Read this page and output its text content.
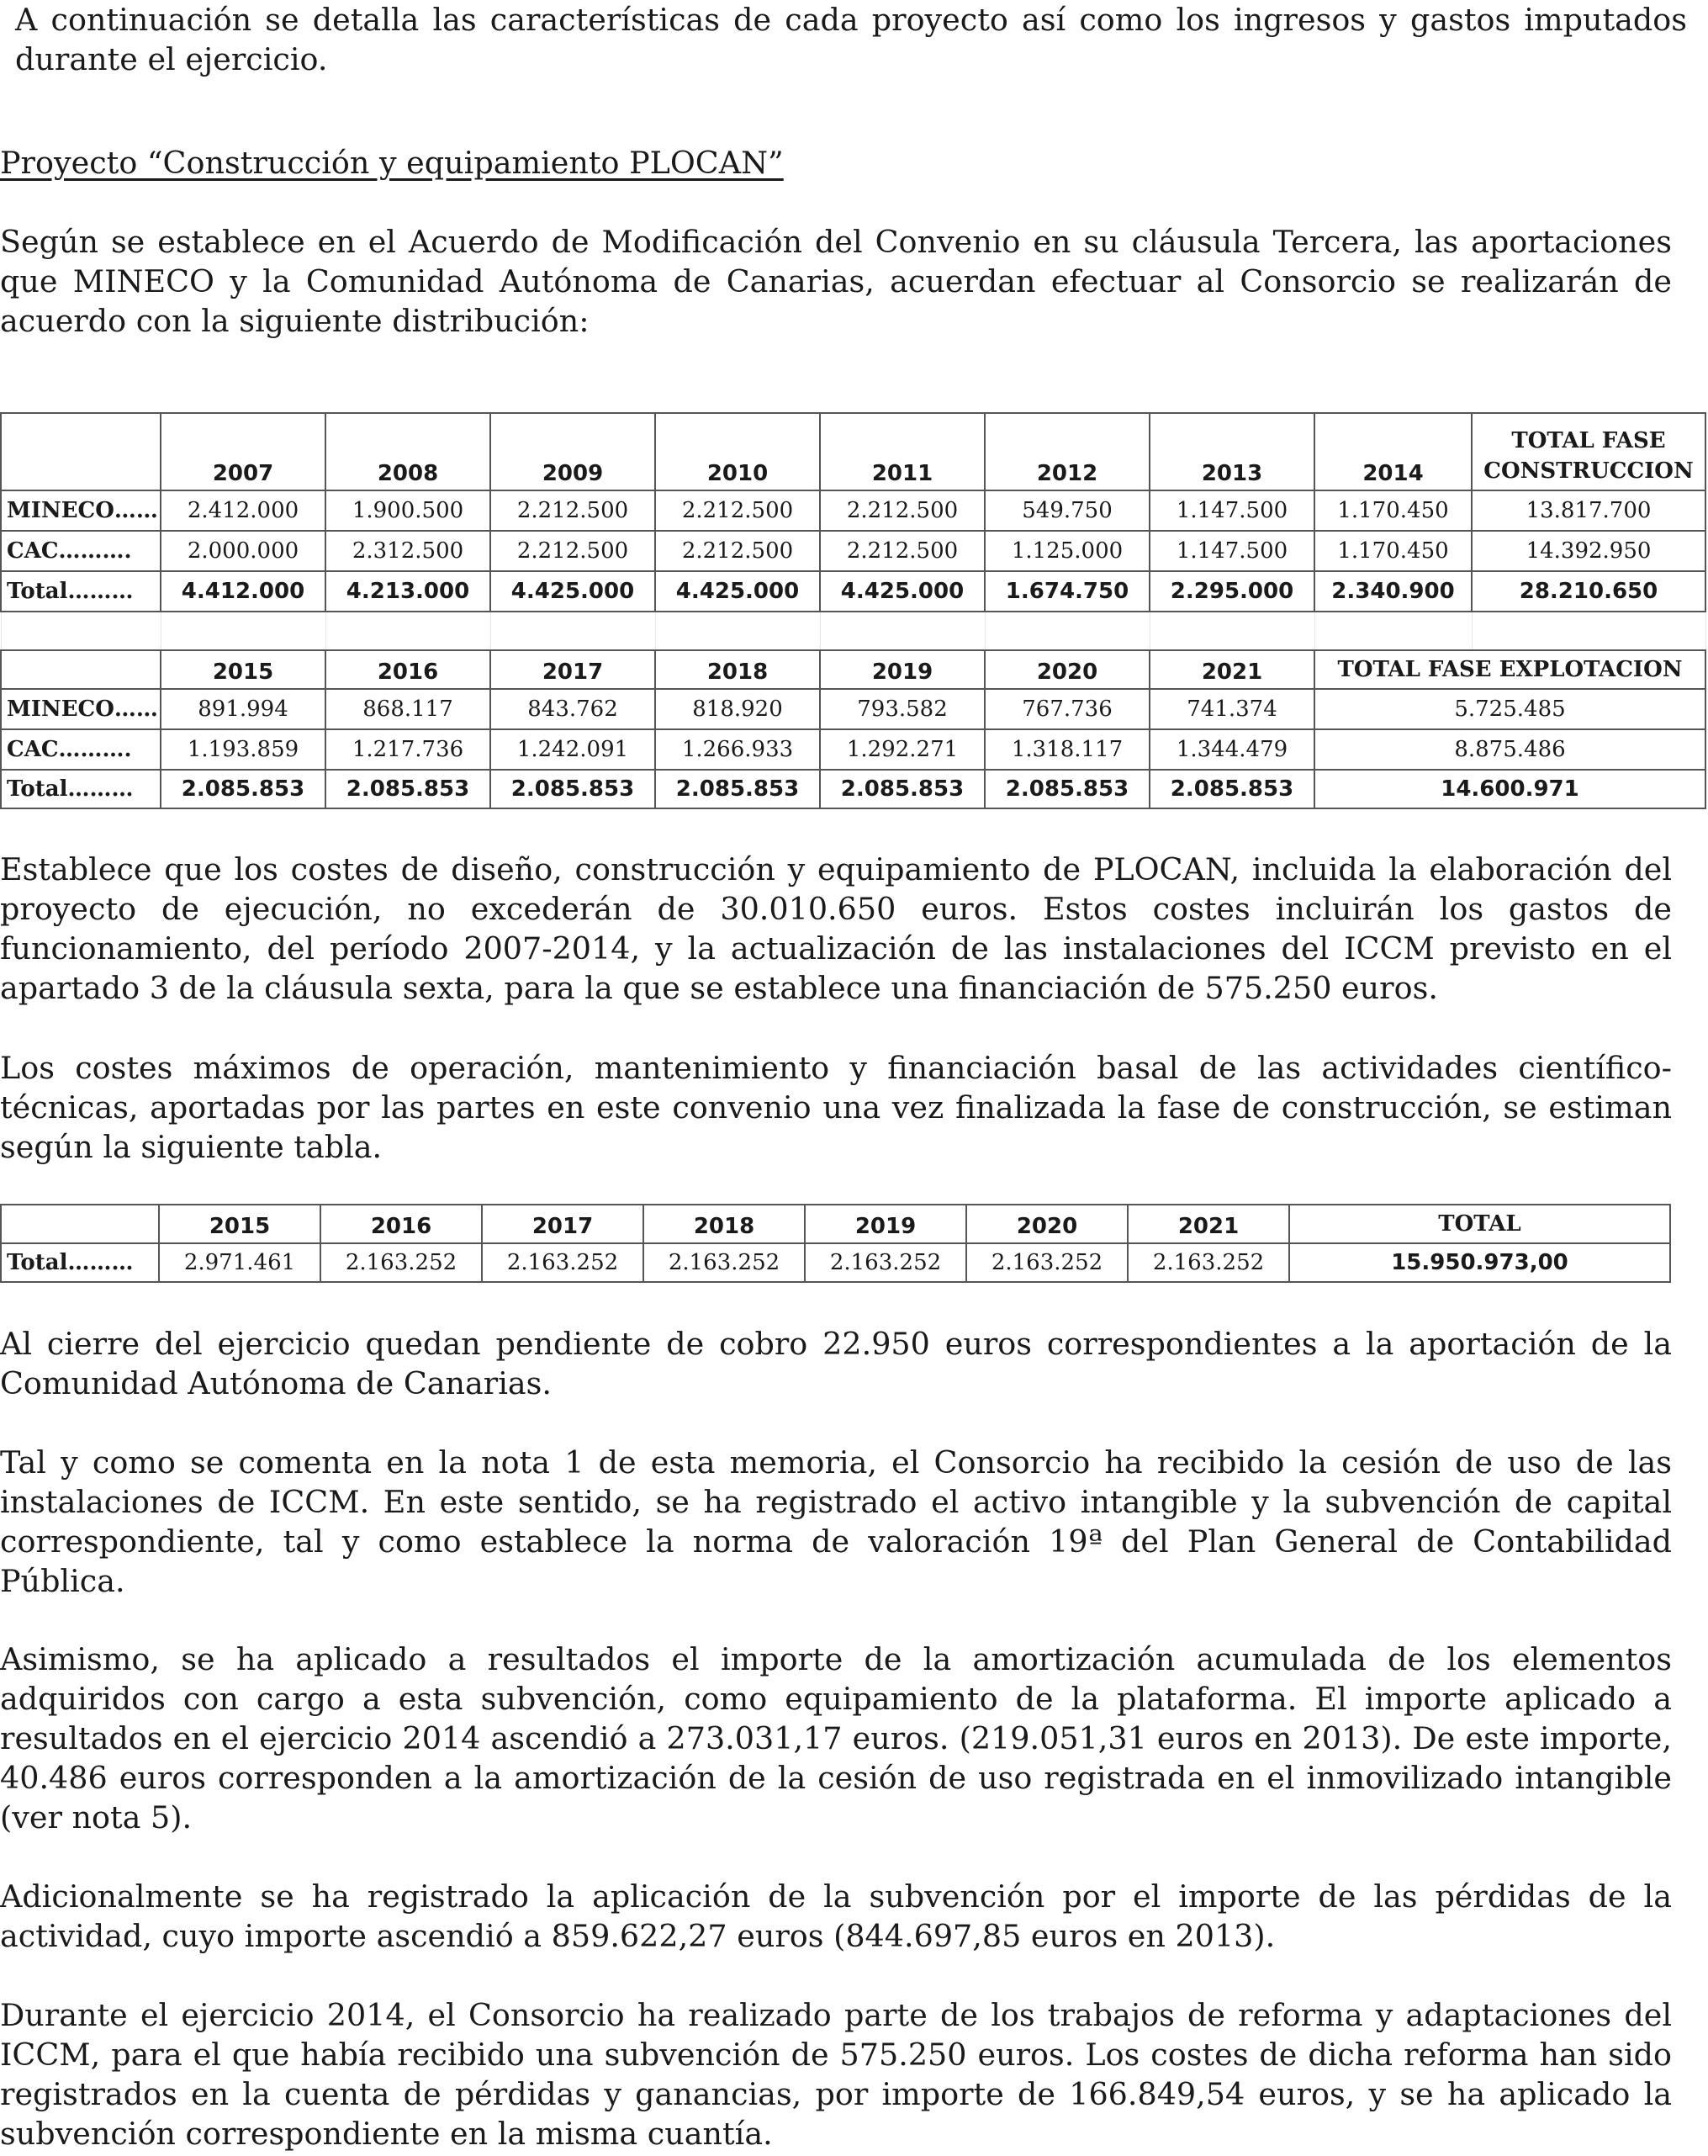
A continuación se detalla las características de cada proyecto así como los ingresos y gastos imputados durante el ejercicio.

Proyecto “Construcción y equipamiento PLOCAN”

Según se establece en el Acuerdo de Modificación del Convenio en su cláusula Tercera, las aportaciones que MINECO y la Comunidad Autónoma de Canarias, acuerdan efectuar al Consorcio se realizarán de acuerdo con la siguiente distribución:

	2007	2008	2009	2010	2011	2012	2013	2014	TOTAL FASE
CONSTRUCCION
MINECO……	2.412.000	1.900.500	2.212.500	2.212.500	2.212.500	549.750	1.147.500	1.170.450	13.817.700
CAC……….	2.000.000	2.312.500	2.212.500	2.212.500	2.212.500	1.125.000	1.147.500	1.170.450	14.392.950
Total………	4.412.000	4.213.000	4.425.000	4.425.000	4.425.000	1.674.750	2.295.000	2.340.900	28.210.650

	2015	2016	2017	2018	2019	2020	2021	TOTAL FASE EXPLOTACION	
MINECO……	891.994	868.117	843.762	818.920	793.582	767.736	741.374	5.725.485	
CAC……….	1.193.859	1.217.736	1.242.091	1.266.933	1.292.271	1.318.117	1.344.479	8.875.486	
Total………	2.085.853	2.085.853	2.085.853	2.085.853	2.085.853	2.085.853	2.085.853	14.600.971	

Establece que los costes de diseño, construcción y equipamiento de PLOCAN, incluida la elaboración del proyecto de ejecución, no excederán de 30.010.650 euros. Estos costes incluirán los gastos de funcionamiento, del período 2007-2014, y la actualización de las instalaciones del ICCM previsto en el apartado 3 de la cláusula sexta, para la que se establece una financiación de 575.250 euros.

Los costes máximos de operación, mantenimiento y financiación basal de las actividades científico-técnicas, aportadas por las partes en este convenio una vez finalizada la fase de construcción, se estiman según la siguiente tabla.

	2015	2016	2017	2018	2019	2020	2021	TOTAL
Total………	2.971.461	2.163.252	2.163.252	2.163.252	2.163.252	2.163.252	2.163.252	15.950.973,00

Al cierre del ejercicio quedan pendiente de cobro 22.950 euros correspondientes a la aportación de la Comunidad Autónoma de Canarias.

Tal y como se comenta en la nota 1 de esta memoria, el Consorcio ha recibido la cesión de uso de las instalaciones de ICCM. En este sentido, se ha registrado el activo intangible y la subvención de capital correspondiente, tal y como establece la norma de valoración 19ª del Plan General de Contabilidad Pública.

Asimismo, se ha aplicado a resultados el importe de la amortización acumulada de los elementos adquiridos con cargo a esta subvención, como equipamiento de la plataforma. El importe aplicado a resultados en el ejercicio 2014 ascendió a 273.031,17 euros. (219.051,31 euros en 2013). De este importe, 40.486 euros corresponden a la amortización de la cesión de uso registrada en el inmovilizado intangible (ver nota 5).

Adicionalmente se ha registrado la aplicación de la subvención por el importe de las pérdidas de la actividad, cuyo importe ascendió a 859.622,27 euros (844.697,85 euros en 2013).

Durante el ejercicio 2014, el Consorcio ha realizado parte de los trabajos de reforma y adaptaciones del ICCM, para el que había recibido una subvención de 575.250 euros. Los costes de dicha reforma han sido registrados en la cuenta de pérdidas y ganancias, por importe de 166.849,54 euros, y se ha aplicado la subvención correspondiente en la misma cuantía.
